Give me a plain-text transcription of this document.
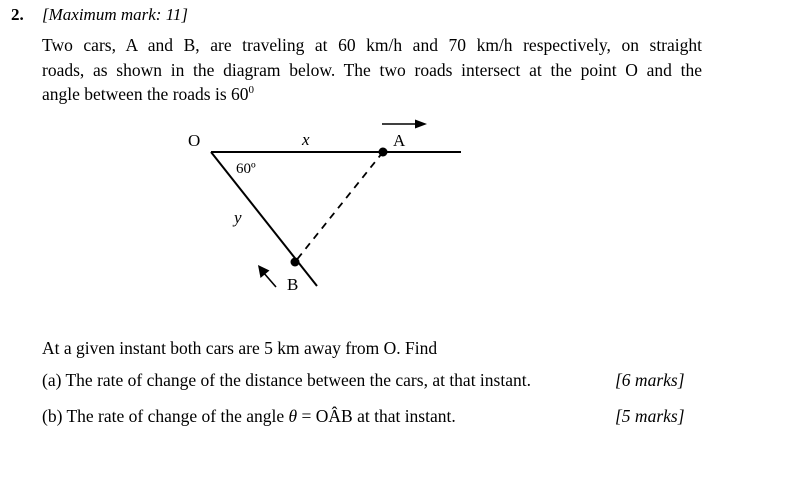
2. [Maximum mark: 11]
Two cars, A and B, are traveling at 60 km/h and 70 km/h respectively, on straight
roads, as shown in the diagram below. The two roads intersect at the point O and the
angle between the roads is $60^0$
O	x	A
60º
y
B
At a given instant both cars are 5 km away from O. Find
(a) The rate of change of the distance between the cars, at that instant.	[6 marks]
(b) The rate of change of the angle θ = OÂB at that instant.	[5 marks]
